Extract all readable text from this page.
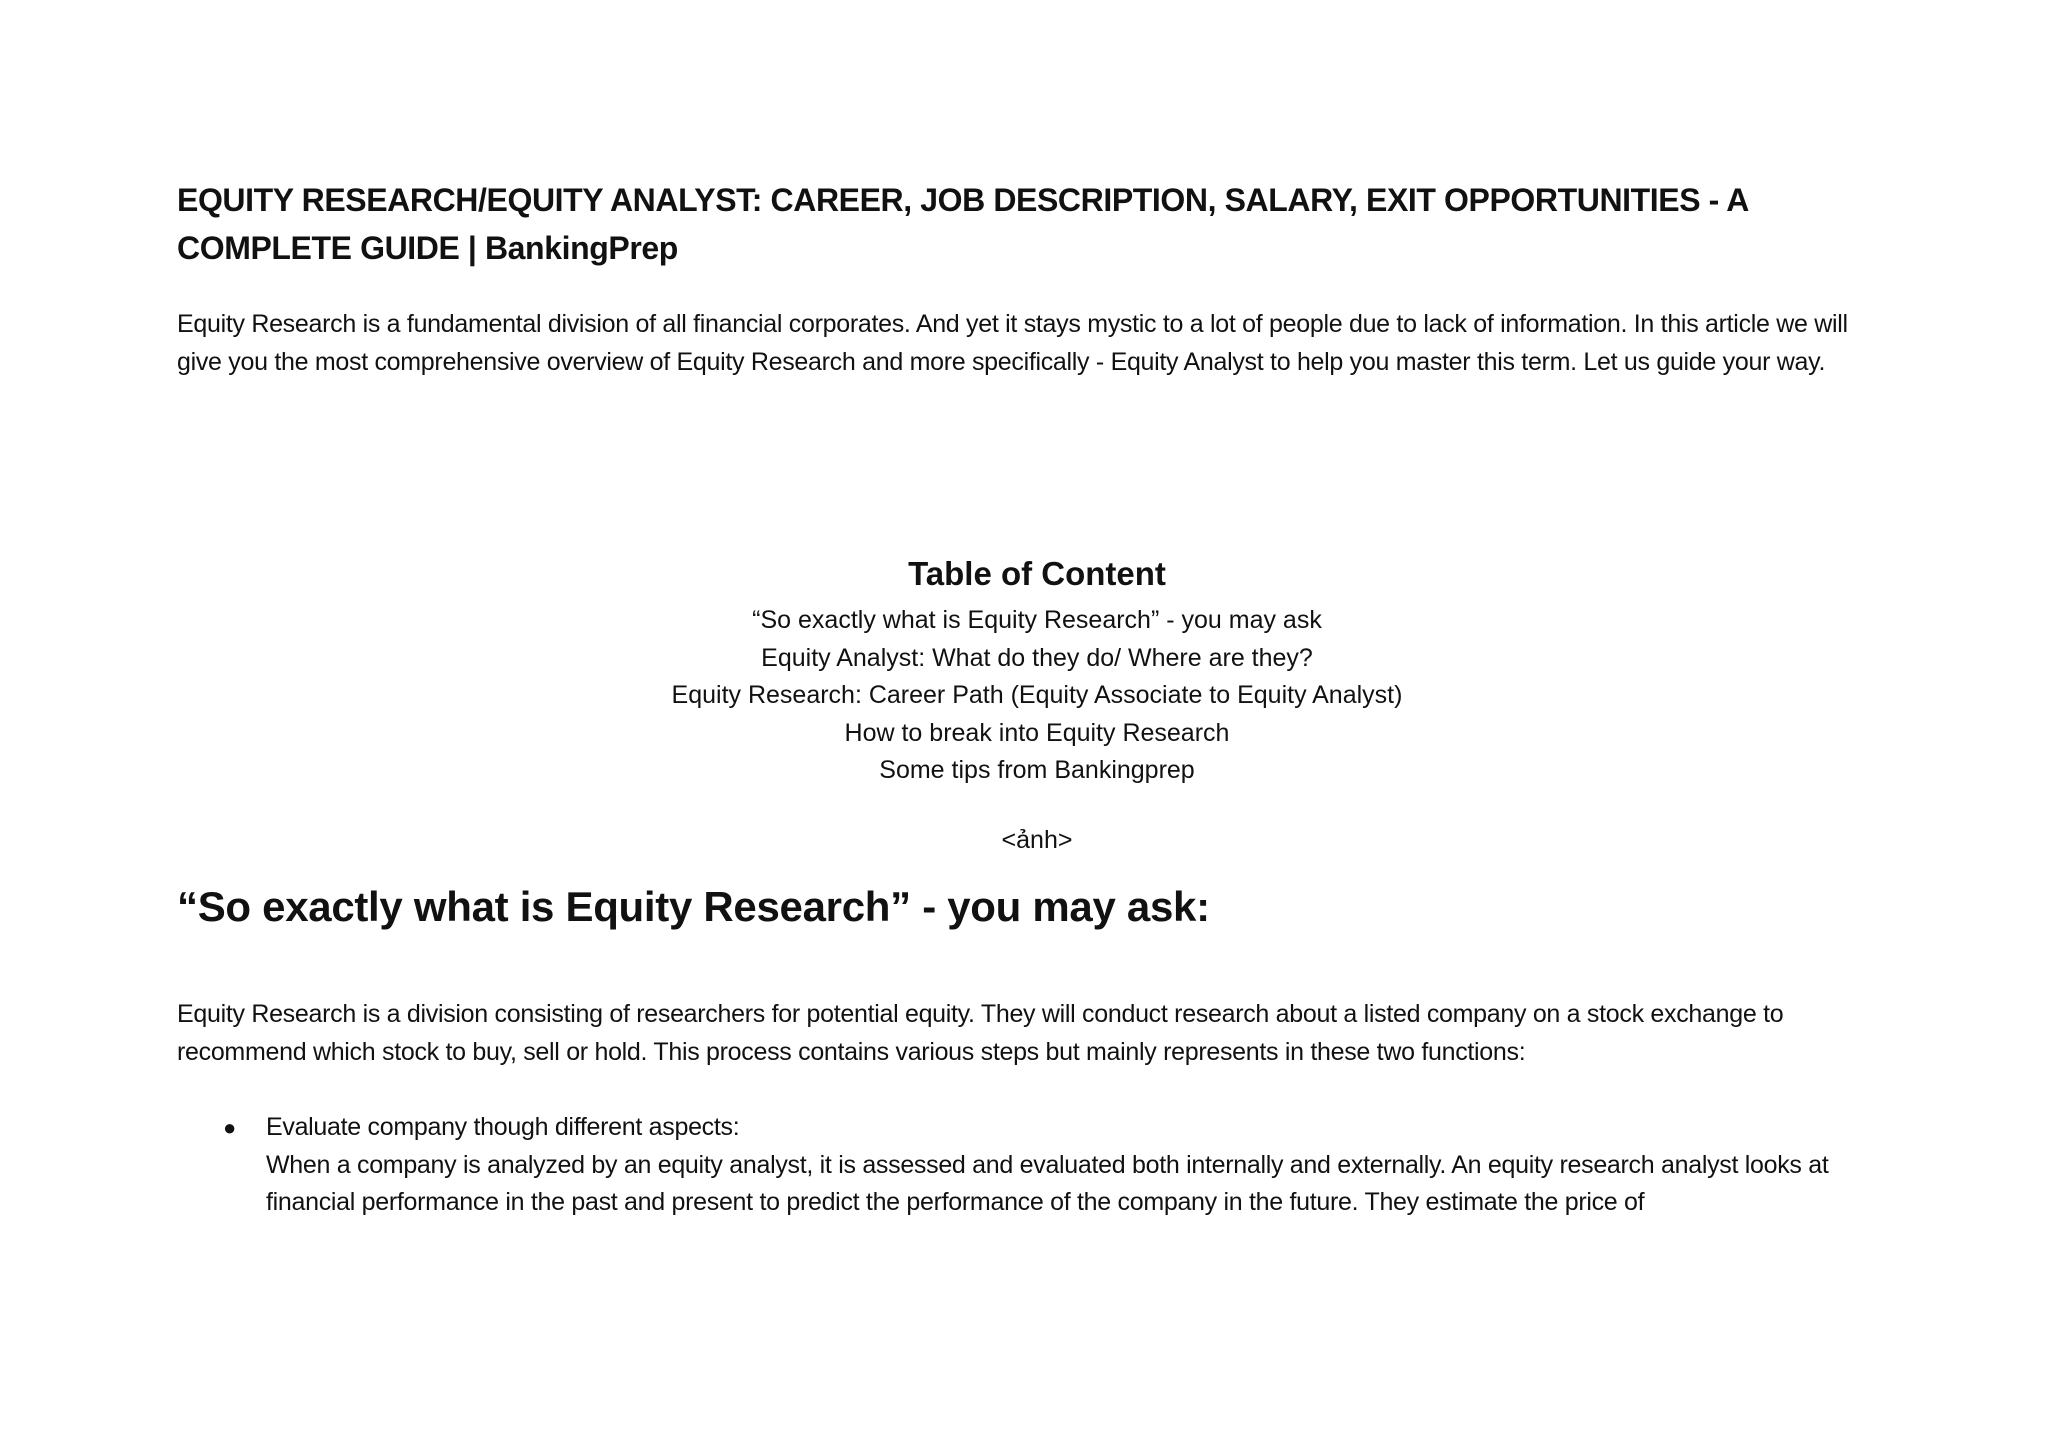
EQUITY RESEARCH/EQUITY ANALYST: CAREER, JOB DESCRIPTION, SALARY, EXIT OPPORTUNITIES - A COMPLETE GUIDE | BankingPrep

Equity Research is a fundamental division of all financial corporates. And yet it stays mystic to a lot of people due to lack of information. In this article we will give you the most comprehensive overview of Equity Research and more specifically - Equity Analyst to help you master this term. Let us guide your way.

Table of Content
“So exactly what is Equity Research” - you may ask
Equity Analyst: What do they do/ Where are they?
Equity Research: Career Path (Equity Associate to Equity Analyst)
How to break into Equity Research
Some tips from Bankingprep
<ảnh>
“So exactly what is Equity Research” - you may ask:

Equity Research is a division consisting of researchers for potential equity. They will conduct research about a listed company on a stock exchange to recommend which stock to buy, sell or hold. This process contains various steps but mainly represents in these two functions:

● Evaluate company though different aspects:
When a company is analyzed by an equity analyst, it is assessed and evaluated both internally and externally. An equity research analyst looks at financial performance in the past and present to predict the performance of the company in the future. They estimate the price of
